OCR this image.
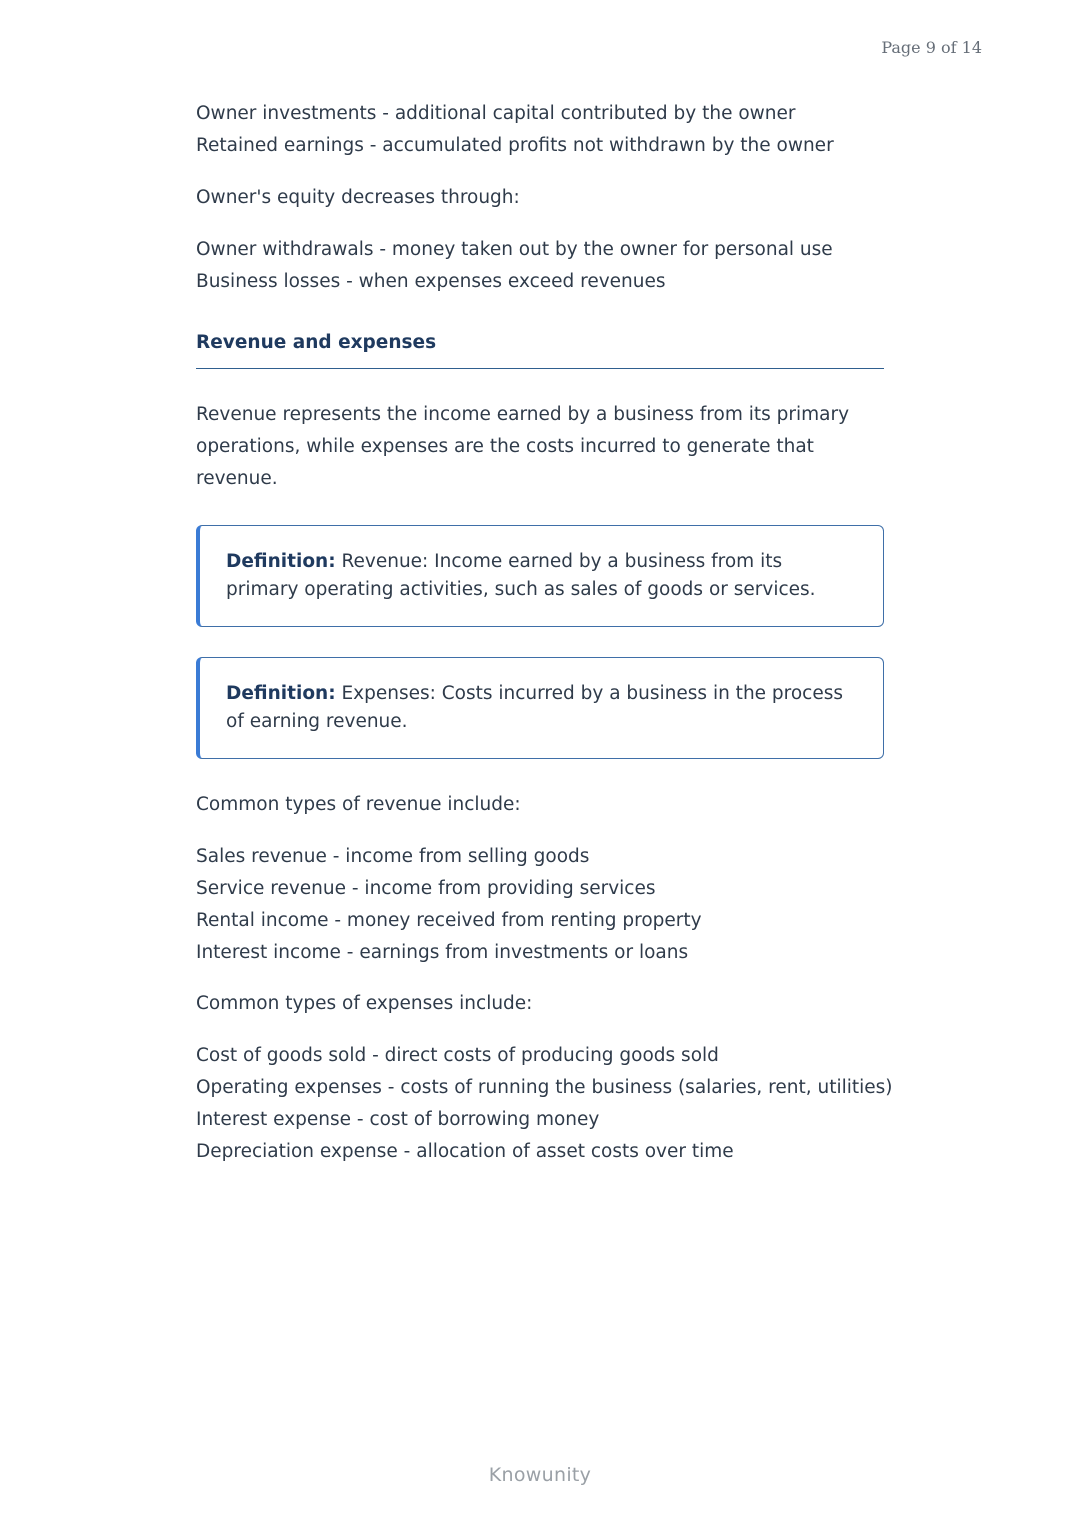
Page 9 of 14

Owner investments - additional capital contributed by the owner

Retained earnings - accumulated profits not withdrawn by the owner

Owner's equity decreases through:

Owner withdrawals - money taken out by the owner for personal use

Business losses - when expenses exceed revenues

Revenue and expenses

Revenue represents the income earned by a business from its primary operations, while expenses are the costs incurred to generate that revenue.

Definition: Revenue: Income earned by a business from its primary operating activities, such as sales of goods or services.
Definition: Expenses: Costs incurred by a business in the process of earning revenue.

Common types of revenue include:

Sales revenue - income from selling goods

Service revenue - income from providing services

Rental income - money received from renting property

Interest income - earnings from investments or loans

Common types of expenses include:

Cost of goods sold - direct costs of producing goods sold

Operating expenses - costs of running the business (salaries, rent, utilities)

Interest expense - cost of borrowing money

Depreciation expense - allocation of asset costs over time

Knowunity
